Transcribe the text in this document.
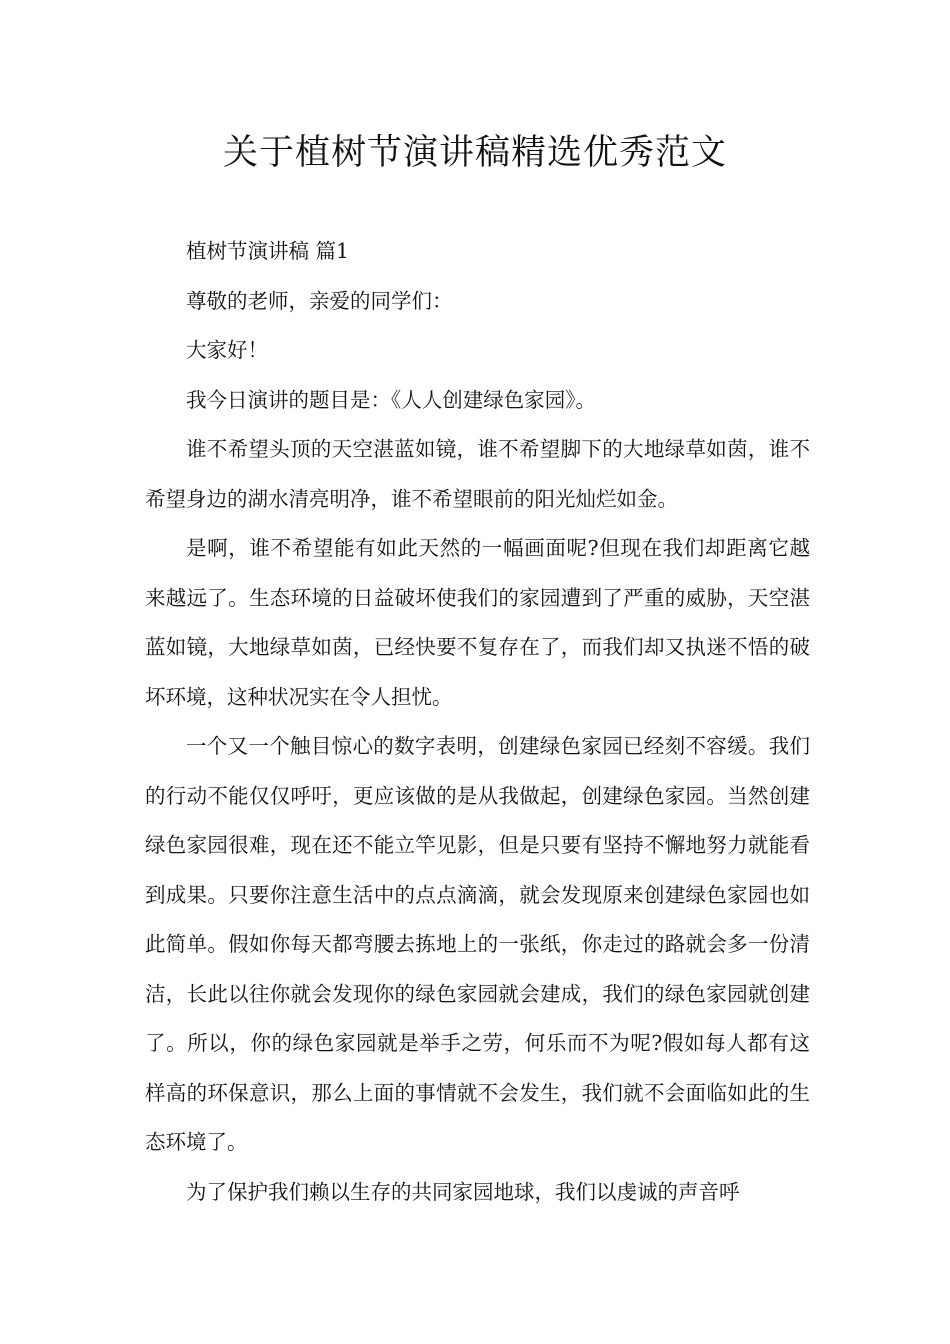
关于植树节演讲稿精选优秀范文

植树节演讲稿 篇1

尊敬的老师，亲爱的同学们：

大家好！

我今日演讲的题目是：《人人创建绿色家园》。

谁不希望头顶的天空湛蓝如镜，谁不希望脚下的大地绿草如茵，谁不希望身边的湖水清亮明净，谁不希望眼前的阳光灿烂如金。

是啊，谁不希望能有如此天然的一幅画面呢?但现在我们却距离它越来越远了。生态环境的日益破坏使我们的家园遭到了严重的威胁，天空湛蓝如镜，大地绿草如茵，已经快要不复存在了，而我们却又执迷不悟的破坏环境，这种状况实在令人担忧。

一个又一个触目惊心的数字表明，创建绿色家园已经刻不容缓。我们的行动不能仅仅呼吁，更应该做的是从我做起，创建绿色家园。当然创建绿色家园很难，现在还不能立竿见影，但是只要有坚持不懈地努力就能看到成果。只要你注意生活中的点点滴滴，就会发现原来创建绿色家园也如此简单。假如你每天都弯腰去拣地上的一张纸，你走过的路就会多一份清洁，长此以往你就会发现你的绿色家园就会建成，我们的绿色家园就创建了。所以，你的绿色家园就是举手之劳，何乐而不为呢?假如每人都有这样高的环保意识，那么上面的事情就不会发生，我们就不会面临如此的生态环境了。

为了保护我们赖以生存的共同家园地球，我们以虔诚的声音呼
